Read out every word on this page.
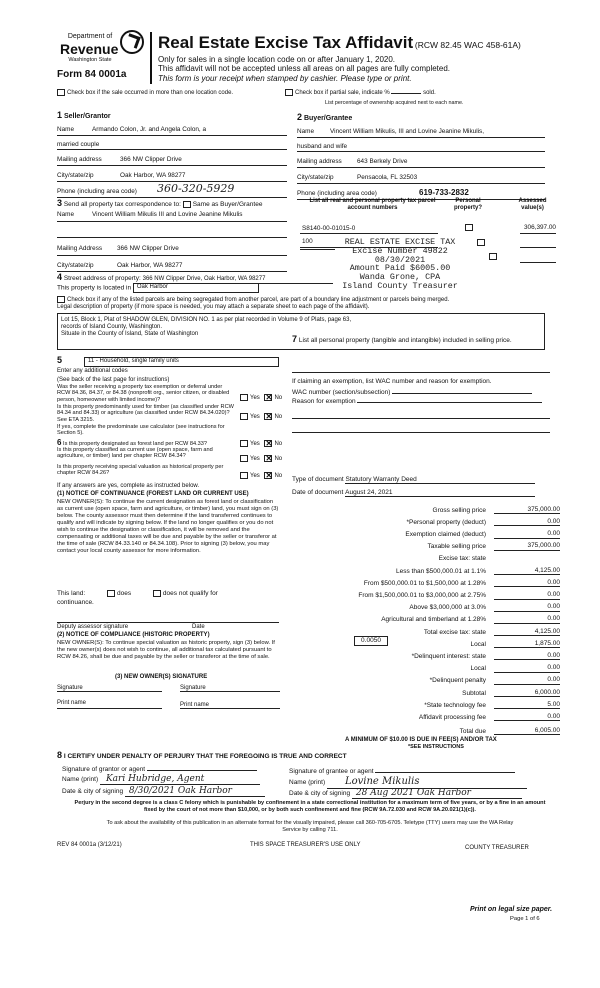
Department of
Revenue
Washington State
Form 84 0001a
Real Estate Excise Tax Affidavit (RCW 82.45 WAC 458-61A)
Only for sales in a single location code on or after January 1, 2020.
This affidavit will not be accepted unless all areas on all pages are fully completed.
This form is your receipt when stamped by cashier. Please type or print.
Check box if the sale occurred in more than one location code.	Check box if partial sale, indicate %	sold.
List percentage of ownership acquired next to each name.
1 Seller/Grantor
Name	Armando Colon, Jr. and Angela Colon, a
married couple
Mailing address	366 NW Clipper Drive
City/state/zip	Oak Harbor, WA 98277
Phone (including area code) 360-320-5929
2 Buyer/Grantee
Name Vincent William Mikulis, III and Lovine Jeanine Mikulis,
husband and wife
Mailing address 643 Berkely Drive
City/state/zip	Pensacola, FL 32503
Phone (including area code)	619-733-2832
3 Send all property tax correspondence to: Same as Buyer/Grantee
Name	Vincent William Mikulis III and Lovine Jeanine Mikulis
Mailing Address 366 NW Clipper Drive
City/state/zip	Oak Harbor, WA 98277
List all real and personal property tax parcel account numbers
Personal property?
Assessed value(s)
S8140-00-01015-0
	306,397.00
100
	REAL ESTATE EXCISE TAX
Excise Number 49822
08/30/2021
Amount Paid $6005.00
Wanda Grone, CPA
Island County Treasurer
4 Street address of property: 366 NW Clipper Drive, Oak Harbor, WA 98277
This property is located in Oak Harbor
Check box if any of the listed parcels are being segregated from another parcel, are part of a boundary line adjustment or parcels being merged.
Legal description of property (if more space is needed, you may attach a separate sheet to each page of the affidavit).
Lot 15, Block 1, Plat of SHADOW GLEN, DIVISION NO. 1 as per plat recorded in Volume 9 of Plats, page 63,
records of Island County, Washington.
Situate in the County of Island, State of Washington
5	11 - Household, single family units
Enter any additional codes
(See back of the last page for instructions)
Was the seller receiving a property tax exemption or deferral under RCW 84.36, 84.37, or 84.38 (nonprofit org., senior citizen, or disabled person, homeowner with limited income)?	Yes ✕ No
Is this property predominantly used for timber (as classified under RCW 84.34 and 84.33) or agriculture (as classified under RCW 84.34.020)? See ETA 3215.	Yes ✕ No
If yes, complete the predominate use calculator (see instructions for Section 5).
6 Is this property designated as forest land per RCW 84.33?	Yes ✕ No
Is this property classified as current use (open space, farm and agriculture, or timber) land per chapter RCW 84.34?	Yes ✕ No
Is this property receiving special valuation as historical property per chapter RCW 84.26?	Yes ✕ No
If any answers are yes, complete as instructed below.
(1) NOTICE OF CONTINUANCE (FOREST LAND OR CURRENT USE)
NEW OWNER(S): To continue the current designation as forest land or classification as current use (open space, farm and agriculture, or timber) land, you must sign on (3) below. The county assessor must then determine if the land transferred continues to qualify and will indicate by signing below. If the land no longer qualifies or you do not wish to continue the designation or classification, it will be removed and the compensating or additional taxes will be due and payable by the seller or transferor at the time of sale (RCW 84.33.140 or 84.34.108). Prior to signing (3) below, you may contact your local county assessor for more information.
This land:	does	does not qualify for
continuance.
Deputy assessor signature	Date
(2) NOTICE OF COMPLIANCE (HISTORIC PROPERTY)
NEW OWNER(S): To continue special valuation as historic property, sign (3) below. If the new owner(s) does not wish to continue, all additional tax calculated pursuant to RCW 84.26, shall be due and payable by the seller or transferor at the time of sale.
(3) NEW OWNER(S) SIGNATURE
Signature	Signature
Print name	Print name
7 List all personal property (tangible and intangible) included in selling price.
If claiming an exemption, list WAC number and reason for exemption.
WAC number (section/subsection)
Reason for exemption
Type of document Statutory Warranty Deed
Date of document August 24, 2021
Gross selling price	375,000.00
*Personal property (deduct)	0.00
Exemption claimed (deduct)	0.00
Taxable selling price	375,000.00
Excise tax: state
Less than $500,000.01 at 1.1%	4,125.00
From $500,000.01 to $1,500,000 at 1.28%	0.00
From $1,500,000.01 to $3,000,000 at 2.75%	0.00
Above $3,000,000 at 3.0%	0.00
Agricultural and timberland at 1.28%	0.00
Total excise tax: state	4,125.00
0.0050
Local	1,875.00
*Delinquent interest: state	0.00
Local	0.00
*Delinquent penalty	0.00
Subtotal	6,000.00
*State technology fee	5.00
Affidavit processing fee	0.00
Total due	6,005.00
A MINIMUM OF $10.00 IS DUE IN FEE(S) AND/OR TAX
*SEE INSTRUCTIONS
8 I CERTIFY UNDER PENALTY OF PERJURY THAT THE FOREGOING IS TRUE AND CORRECT
Signature of grantor or agent
Name (print) Kari Hubridge, Agent
Date & city of signing 8/30/2021 Oak Harbor
Signature of grantee or agent
Name (print) Lovine Mikulis
Date & city of signing 28 Aug 2021 Oak Harbor
Perjury in the second degree is a class C felony which is punishable by confinement in a state correctional institution for a maximum term of five years, or by a fine in an amount fixed by the court of not more than $10,000, or by both such confinement and fine (RCW 9A.72.030 and RCW 9A.20.021(1)(c)).
To ask about the availability of this publication in an alternate format for the visually impaired, please call 360-705-6705. Teletype (TTY) users may use the WA Relay Service by calling 711.
REV 84 0001a (3/12/21)	THIS SPACE TREASURER'S USE ONLY	COUNTY TREASURER
Print on legal size paper.
Page 1 of 6
